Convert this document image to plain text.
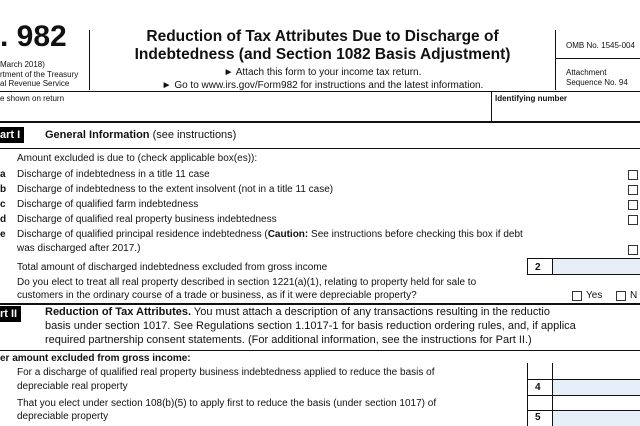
. 982
March 2018)
rtment of the Treasury
al Revenue Service
Reduction of Tax Attributes Due to Discharge of
Indebtedness (and Section 1082 Basis Adjustment)
► Attach this form to your income tax return.
► Go to www.irs.gov/Form982 for instructions and the latest information.
OMB No. 1545-004
Attachment
Sequence No. 94
e shown on return	Identifying number
art I	General Information (see instructions)
Amount excluded is due to (check applicable box(es)):
a Discharge of indebtedness in a title 11 case
b Discharge of indebtedness to the extent insolvent (not in a title 11 case)
c Discharge of qualified farm indebtedness
d Discharge of qualified real property business indebtedness
e Discharge of qualified principal residence indebtedness (Caution: See instructions before checking this box if debt
was discharged after 2017.)
Total amount of discharged indebtedness excluded from gross income	2
Do you elect to treat all real property described in section 1221(a)(1), relating to property held for sale to
customers in the ordinary course of a trade or business, as if it were depreciable property?	Yes	N
rt II	Reduction of Tax Attributes. You must attach a description of any transactions resulting in the reductio
basis under section 1017. See Regulations section 1.1017-1 for basis reduction ordering rules, and, if applica
required partnership consent statements. (For additional information, see the instructions for Part II.)
er amount excluded from gross income:
For a discharge of qualified real property business indebtedness applied to reduce the basis of
depreciable real property	4
That you elect under section 108(b)(5) to apply first to reduce the basis (under section 1017) of
depreciable property	5
